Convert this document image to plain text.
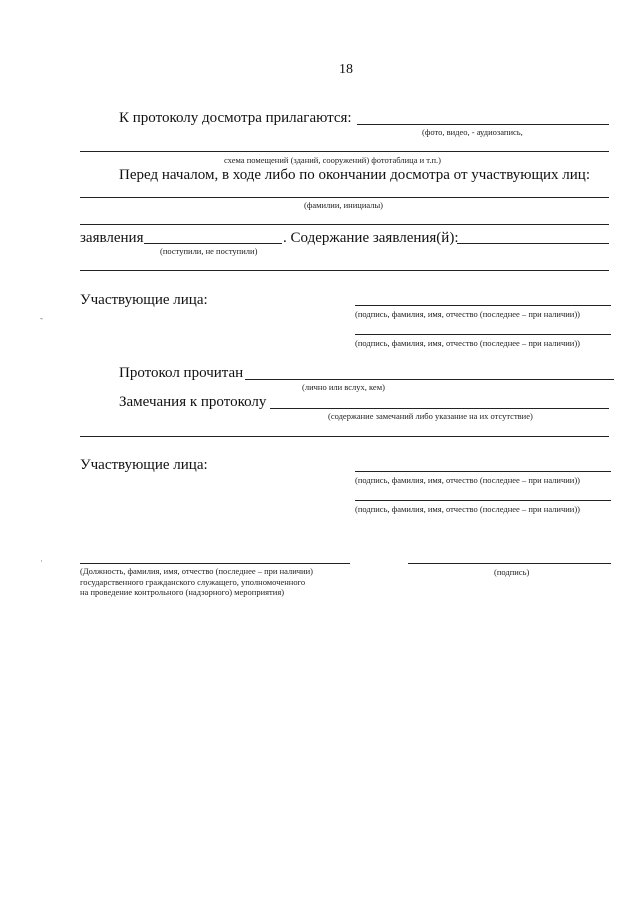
18
К протоколу досмотра прилагаются:
(фото, видео, - аудиозапись,
схема помещений (зданий, сооружений) фототаблица и т.п.)
Перед началом, в ходе либо по окончании досмотра от участвующих лиц:
(фамилии, инициалы)
заявления	. Содержание заявления(й):
(поступили, не поступили)
Участвующие лица:
(подпись, фамилия, имя, отчество (последнее – при наличии))
(подпись, фамилия, имя, отчество (последнее – при наличии))
Протокол прочитан
(лично или вслух, кем)
Замечания к протоколу
(содержание замечаний либо указание на их отсутствие)
Участвующие лица:
(подпись, фамилия, имя, отчество (последнее – при наличии))
(подпись, фамилия, имя, отчество (последнее – при наличии))
(Должность, фамилия, имя, отчество (последнее – при наличии)
государственного гражданского служащего, уполномоченного
на проведение контрольного (надзорного) мероприятия)
(подпись)
-
·
